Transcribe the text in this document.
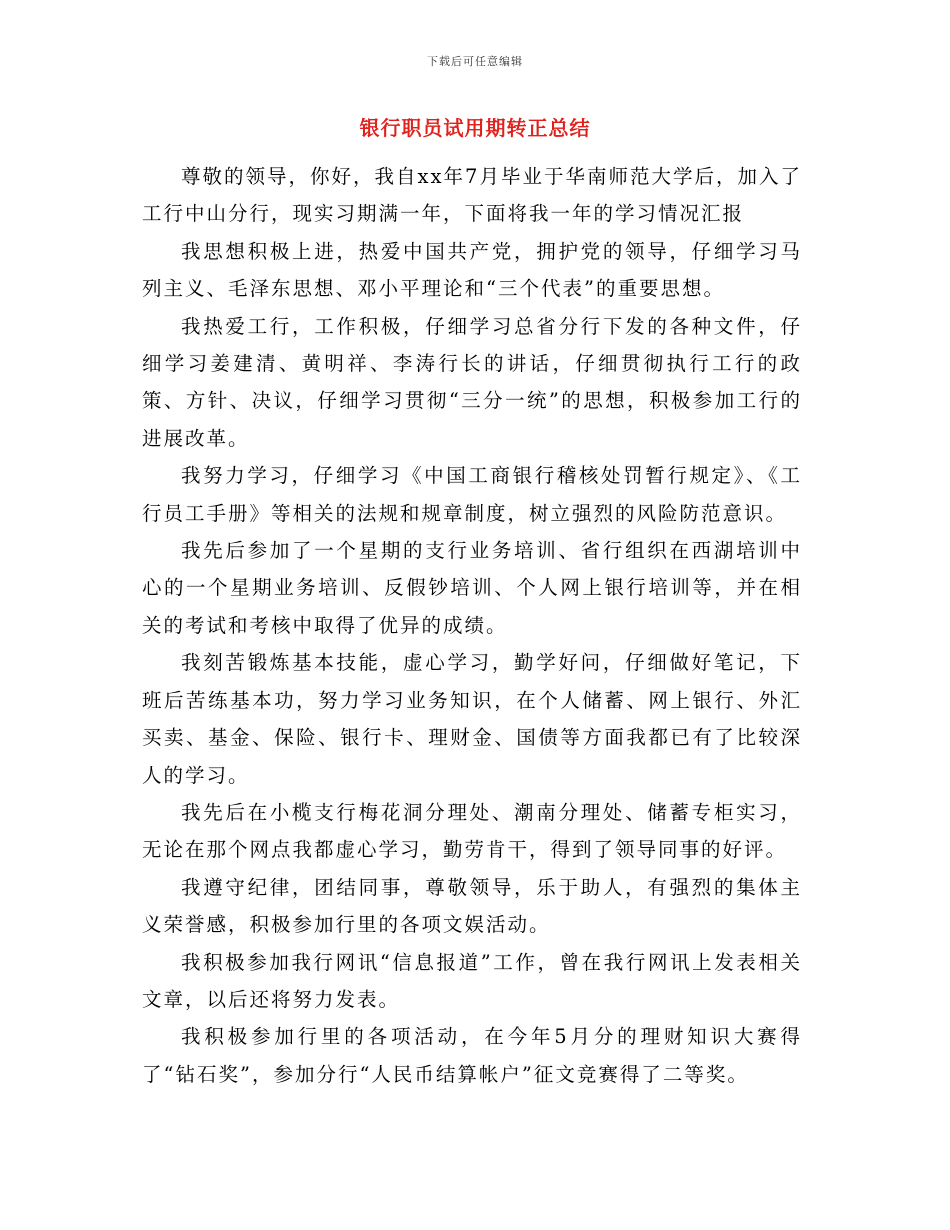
下载后可任意编辑
银行职员试用期转正总结

尊敬的领导，你好，我自xx年7月毕业于华南师范大学后，加入了工行中山分行，现实习期满一年，下面将我一年的学习情况汇报

我思想积极上进，热爱中国共产党，拥护党的领导，仔细学习马列主义、毛泽东思想、邓小平理论和“三个代表”的重要思想。

我热爱工行，工作积极，仔细学习总省分行下发的各种文件，仔细学习姜建清、黄明祥、李涛行长的讲话，仔细贯彻执行工行的政策、方针、决议，仔细学习贯彻“三分一统”的思想，积极参加工行的进展改革。

我努力学习，仔细学习《中国工商银行稽核处罚暂行规定》、《工行员工手册》等相关的法规和规章制度，树立强烈的风险防范意识。

我先后参加了一个星期的支行业务培训、省行组织在西湖培训中心的一个星期业务培训、反假钞培训、个人网上银行培训等，并在相关的考试和考核中取得了优异的成绩。

我刻苦锻炼基本技能，虚心学习，勤学好问，仔细做好笔记，下班后苦练基本功，努力学习业务知识，在个人储蓄、网上银行、外汇买卖、基金、保险、银行卡、理财金、国债等方面我都已有了比较深人的学习。

我先后在小榄支行梅花洞分理处、潮南分理处、储蓄专柜实习，无论在那个网点我都虚心学习，勤劳肯干，得到了领导同事的好评。

我遵守纪律，团结同事，尊敬领导，乐于助人，有强烈的集体主义荣誉感，积极参加行里的各项文娱活动。

我积极参加我行网讯“信息报道”工作，曾在我行网讯上发表相关文章，以后还将努力发表。

我积极参加行里的各项活动，在今年5月分的理财知识大赛得了“钻石奖”，参加分行“人民币结算帐户”征文竞赛得了二等奖。
